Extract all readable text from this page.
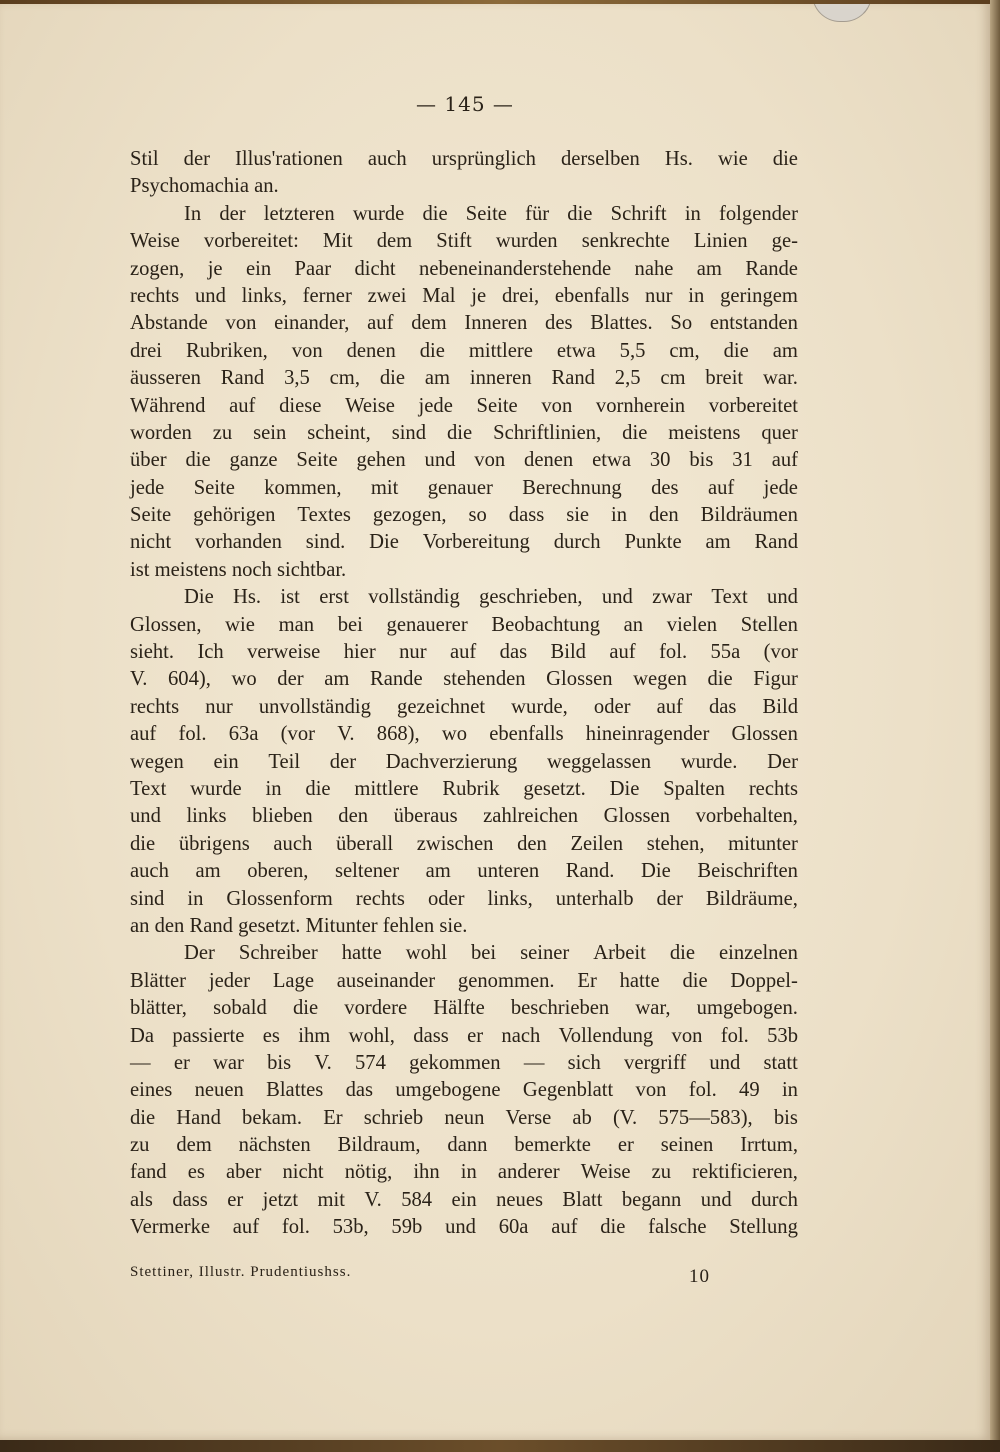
— 145 —
Stil der Illus'rationen auch ursprünglich derselben Hs. wie die
Psychomachia an.
In der letzteren wurde die Seite für die Schrift in folgender
Weise vorbereitet: Mit dem Stift wurden senkrechte Linien ge-
zogen, je ein Paar dicht nebeneinanderstehende nahe am Rande
rechts und links, ferner zwei Mal je drei, ebenfalls nur in geringem
Abstande von einander, auf dem Inneren des Blattes. So entstanden
drei Rubriken, von denen die mittlere etwa 5,5 cm, die am
äusseren Rand 3,5 cm, die am inneren Rand 2,5 cm breit war.
Während auf diese Weise jede Seite von vornherein vorbereitet
worden zu sein scheint, sind die Schriftlinien, die meistens quer
über die ganze Seite gehen und von denen etwa 30 bis 31 auf
jede Seite kommen, mit genauer Berechnung des auf jede
Seite gehörigen Textes gezogen, so dass sie in den Bildräumen
nicht vorhanden sind. Die Vorbereitung durch Punkte am Rand
ist meistens noch sichtbar.
Die Hs. ist erst vollständig geschrieben, und zwar Text und
Glossen, wie man bei genauerer Beobachtung an vielen Stellen
sieht. Ich verweise hier nur auf das Bild auf fol. 55a (vor
V. 604), wo der am Rande stehenden Glossen wegen die Figur
rechts nur unvollständig gezeichnet wurde, oder auf das Bild
auf fol. 63a (vor V. 868), wo ebenfalls hineinragender Glossen
wegen ein Teil der Dachverzierung weggelassen wurde. Der
Text wurde in die mittlere Rubrik gesetzt. Die Spalten rechts
und links blieben den überaus zahlreichen Glossen vorbehalten,
die übrigens auch überall zwischen den Zeilen stehen, mitunter
auch am oberen, seltener am unteren Rand. Die Beischriften
sind in Glossenform rechts oder links, unterhalb der Bildräume,
an den Rand gesetzt. Mitunter fehlen sie.
Der Schreiber hatte wohl bei seiner Arbeit die einzelnen
Blätter jeder Lage auseinander genommen. Er hatte die Doppel-
blätter, sobald die vordere Hälfte beschrieben war, umgebogen.
Da passierte es ihm wohl, dass er nach Vollendung von fol. 53b
— er war bis V. 574 gekommen — sich vergriff und statt
eines neuen Blattes das umgebogene Gegenblatt von fol. 49 in
die Hand bekam. Er schrieb neun Verse ab (V. 575—583), bis
zu dem nächsten Bildraum, dann bemerkte er seinen Irrtum,
fand es aber nicht nötig, ihn in anderer Weise zu rektificieren,
als dass er jetzt mit V. 584 ein neues Blatt begann und durch
Vermerke auf fol. 53b, 59b und 60a auf die falsche Stellung
Stettiner, Illustr. Prudentiushss.	10
